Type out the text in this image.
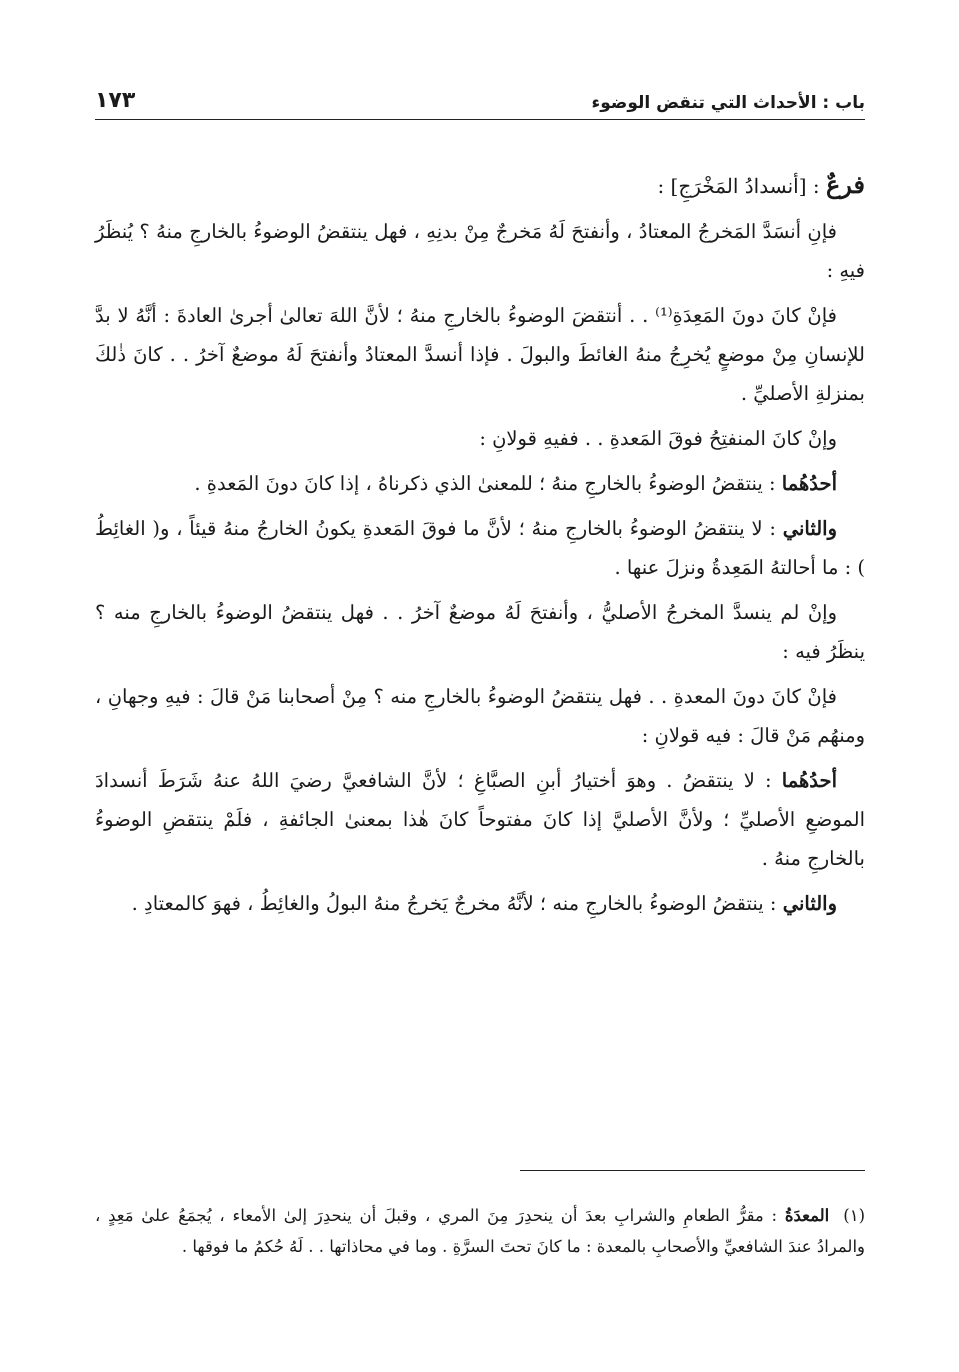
باب : الأحداث التي تنقض الوضوء
١٧٣
فرعٌ : [أنسدادُ المَخْرَجِ] :

فإنِ أنسَدَّ المَخرجُ المعتادُ ، وأنفتحَ لَهُ مَخرجٌ مِنْ بدنِهِ ، فهل ينتقضُ الوضوءُ بالخارجِ منهُ ؟ يُنظَرُ فيهِ :

فإنْ كانَ دونَ المَعِدَةِ⁽¹⁾ . . أنتقضَ الوضوءُ بالخارجِ منهُ ؛ لأنَّ اللهَ تعالىٰ أجرىٰ العادةَ : أنَّهُ لا بدَّ للإنسانِ مِنْ موضعٍ يُخرِجُ منهُ الغائطَ والبولَ . فإذا أنسدَّ المعتادُ وأنفتحَ لَهُ موضعٌ آخرُ . . كانَ ذٰلكَ بمنزلةِ الأصليِّ .

وإنْ كانَ المنفتِحُ فوقَ المَعدةِ . . ففيهِ قولانِ :

أحدُهُما : ينتقضُ الوضوءُ بالخارجِ منهُ ؛ للمعنىٰ الذي ذكرناهُ ، إذا كانَ دونَ المَعدةِ .

والثاني : لا ينتقضُ الوضوءُ بالخارجِ منهُ ؛ لأنَّ ما فوقَ المَعدةِ يكونُ الخارجُ منهُ قيئاً ، و( الغائِطُ ) : ما أحالتهُ المَعِدةُ ونزلَ عنها .

وإنْ لم ينسدَّ المخرجُ الأصليُّ ، وأنفتحَ لَهُ موضعٌ آخرُ . . فهل ينتقضُ الوضوءُ بالخارجِ منه ؟ ينظَرُ فيه :

فإنْ كانَ دونَ المعدةِ . . فهل ينتقضُ الوضوءُ بالخارجِ منه ؟ مِنْ أصحابنا مَنْ قالَ : فيهِ وجهانِ ، ومنهُم مَنْ قالَ : فيه قولانِ :

أحدُهُما : لا ينتقضُ . وهوَ أختيارُ أبنِ الصبَّاغِ ؛ لأنَّ الشافعيَّ رضيَ اللهُ عنهُ شَرَطَ أنسدادَ الموضعِ الأصليِّ ؛ ولأنَّ الأصليَّ إذا كانَ مفتوحاً كانَ هٰذا بمعنىٰ الجائفةِ ، فلَمْ ينتقضِ الوضوءُ بالخارجِ منهُ .

والثاني : ينتقضُ الوضوءُ بالخارجِ منه ؛ لأنَّهُ مخرجٌ يَخرجُ منهُ البولُ والغائِطُ ، فهوَ كالمعتادِ .

(١)المعدَةُ : مقرُّ الطعامِ والشرابِ بعدَ أن ينحدِرَ مِنَ المري ، وقبلَ أن ينحدِرَ إلىٰ الأمعاء ، يُجمَعُ علىٰ مَعِدٍ ، والمرادُ عندَ الشافعيِّ والأصحابِ بالمعدة : ما كانَ تحتَ السرَّةِ . وما في محاذاتها . . لَهُ حُكمُ ما فوقها .
